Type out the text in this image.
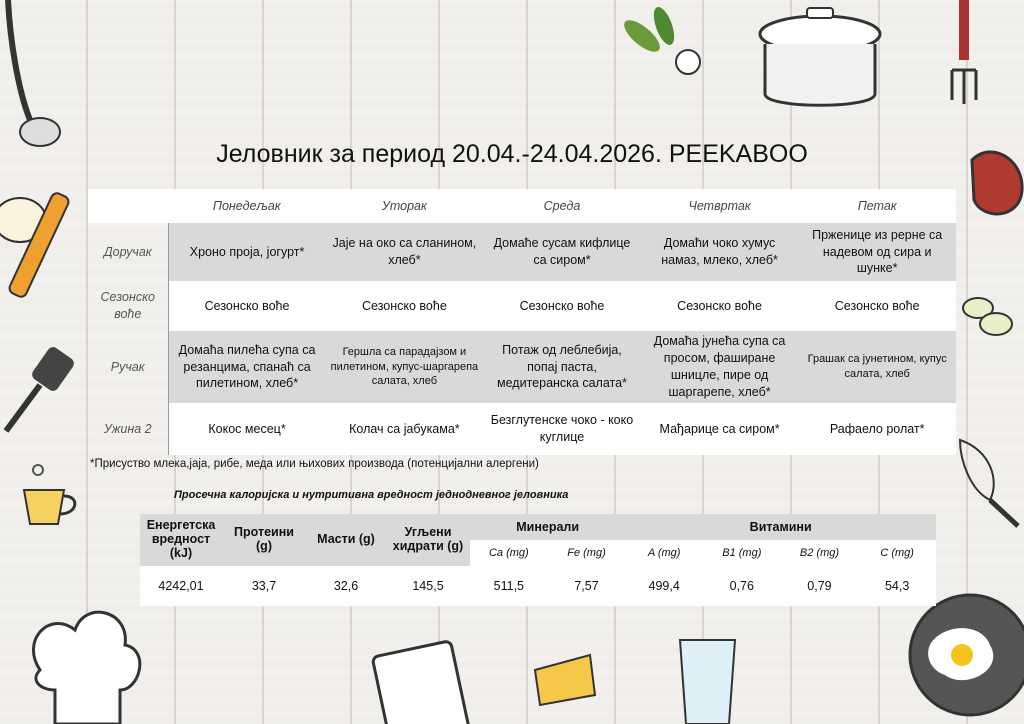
Јеловник за период 20.04.-24.04.2026. PEEKABOO
	Понедељак	Уторак	Среда	Четвртак	Петак
Доручак	Хроно проја, јогурт*	Јаје на око са сланином, хлеб*	Домаће сусам кифлице са сиром*	Домаћи чоко хумус намаз, млеко, хлеб*	Прженице из рерне са надевом од сира и шунке*
Сезонско воће	Сезонско воће	Сезонско воће	Сезонско воће	Сезонско воће	Сезонско воће
Ручак	Домаћа пилећа супа са резанцима, спанаћ са пилетином, хлеб*	Гершла са парадајзом и пилетином, купус-шаргарепа салата, хлеб	Потаж од леблебија, попај паста, медитеранска салата*	Домаћа јунећа супа са просом, фаширане шницле, пире од шаргарепе, хлеб*	Грашак са јунетином, купус салата, хлеб
Ужина 2	Кокос месец*	Колач са јабукама*	Безглутенске чоко - коко куглице	Мађарице са сиром*	Рафаело ролат*
*Присуство млека,јаја, рибе, меда или њихових производа (потенцијални алергени)
Просечна калоријска и нутритивна вредност једнодневног јеловника
Енергетска вредност (kJ)	Протеини (g)	Масти (g)	Угљени хидрати (g)	Минерали		Витамини			
				Ca (mg)	Fe (mg)	A (mg)	B1 (mg)	B2 (mg)	C (mg)
4242,01	33,7	32,6	145,5	511,5	7,57	499,4	0,76	0,79	54,3
